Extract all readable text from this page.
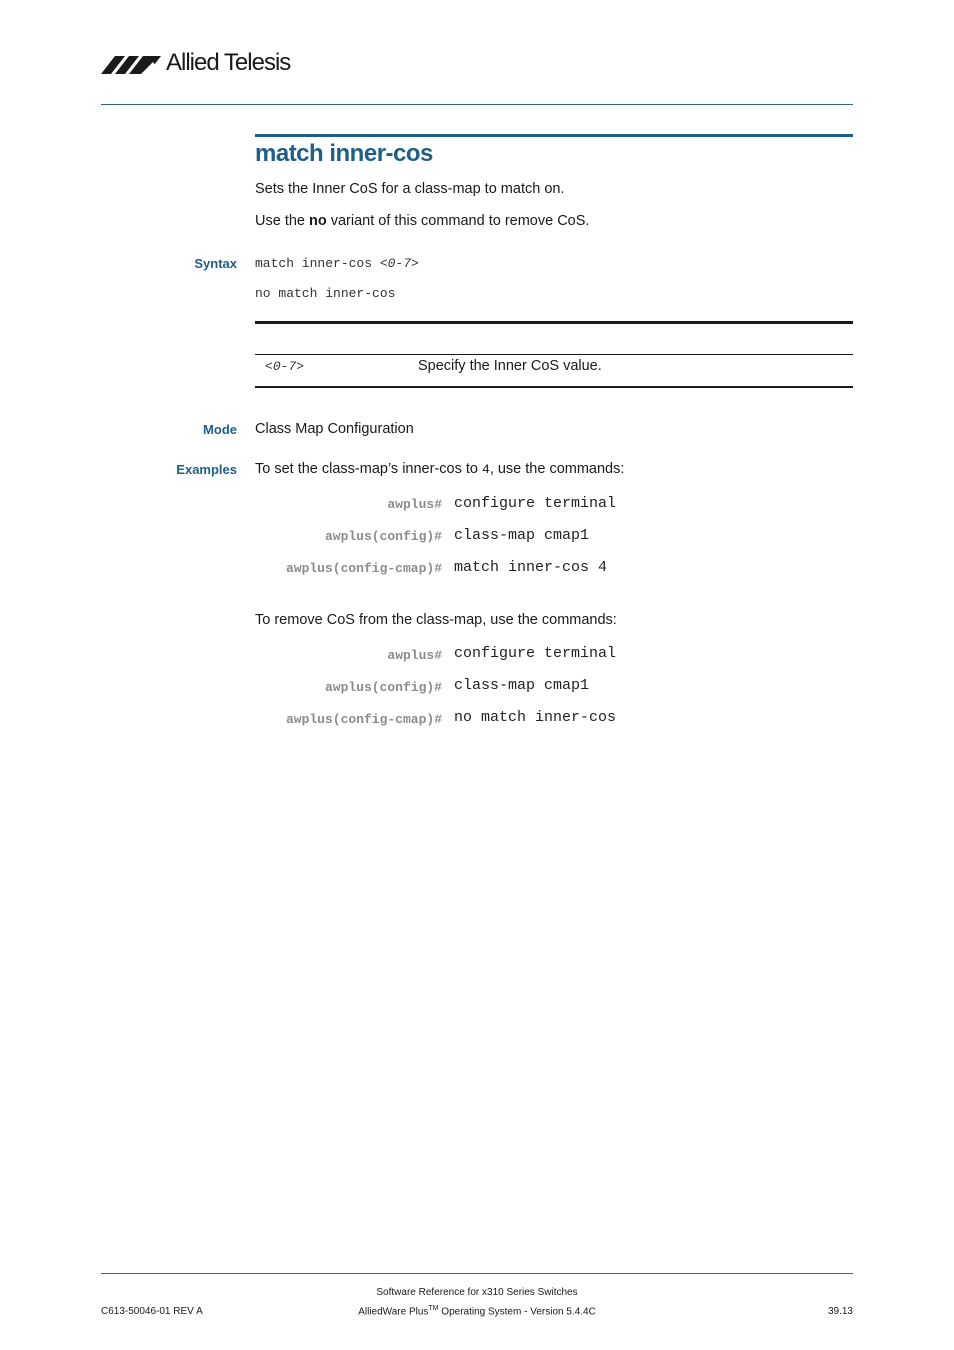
Allied Telesis
match inner-cos
Sets the Inner CoS for a class-map to match on.
Use the no variant of this command to remove CoS.
Syntax match inner-cos <0-7>
no match inner-cos
<0-7>	Specify the Inner CoS value.
Mode Class Map Configuration
Examples To set the class-map’s inner-cos to 4, use the commands:
awplus# configure terminal
awplus(config)# class-map cmap1
awplus(config-cmap)# match inner-cos 4
To remove CoS from the class-map, use the commands:
awplus# configure terminal
awplus(config)# class-map cmap1
awplus(config-cmap)# no match inner-cos
Software Reference for x310 Series Switches
AlliedWare Plus™ Operating System - Version 5.4.4C
C613-50046-01 REV A	39.13
